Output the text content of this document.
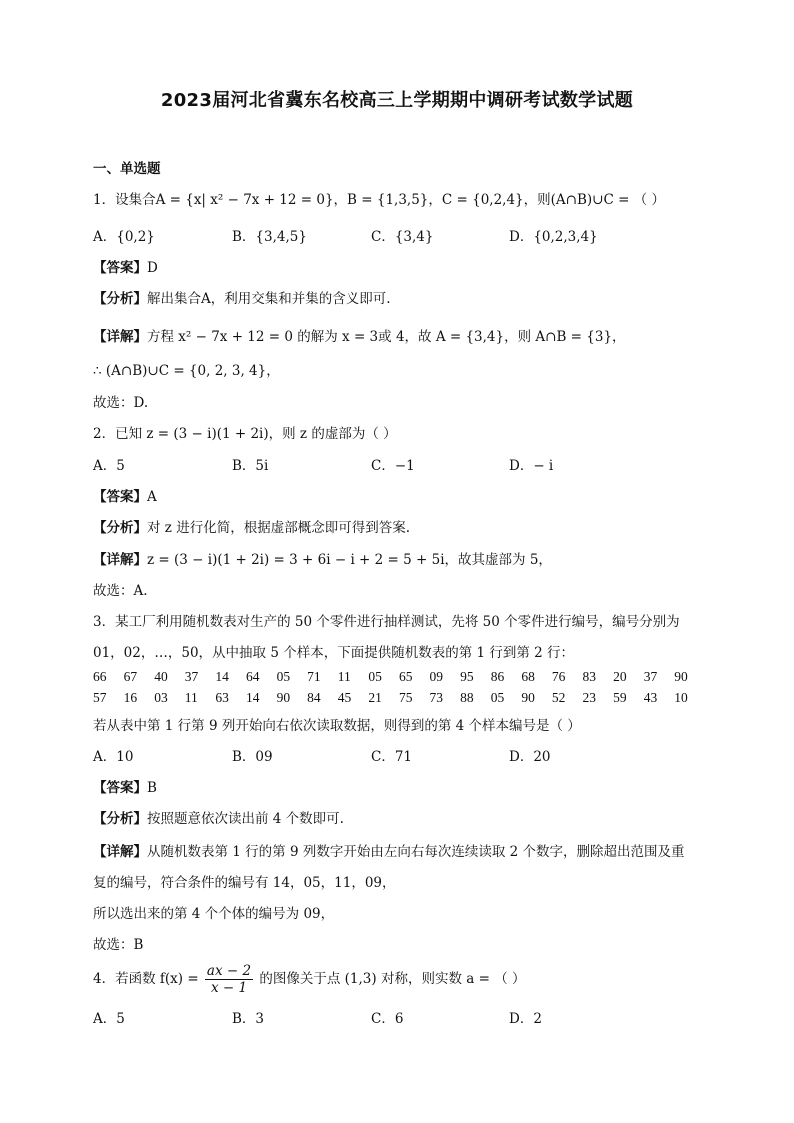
2023届河北省冀东名校高三上学期期中调研考试数学试题
一、单选题
1．设集合A = {x| x² − 7x + 12 = 0}，B = {1,3,5}，C = {0,2,4}，则(A∩B)∪C = （ ）
A．{0,2}	B．{3,4,5}	C．{3,4}	D．{0,2,3,4}
【答案】D
【分析】解出集合A，利用交集和并集的含义即可.
【详解】方程 x² − 7x + 12 = 0 的解为 x = 3或 4，故 A = {3,4}，则 A∩B = {3}，
∴ (A∩B)∪C = {0, 2, 3, 4}，
故选：D.
2．已知 z = (3 − i)(1 + 2i)，则 z 的虚部为（ ）
A．5	B．5i	C．−1	D．− i
【答案】A
【分析】对 z 进行化简，根据虚部概念即可得到答案.
【详解】z = (3 − i)(1 + 2i) = 3 + 6i − i + 2 = 5 + 5i，故其虚部为 5，
故选：A.
3．某工厂利用随机数表对生产的 50 个零件进行抽样测试，先将 50 个零件进行编号，编号分别为
01，02，…，50，从中抽取 5 个样本，下面提供随机数表的第 1 行到第 2 行：
66 67 40 37 14 64 05 71 11 05 65 09 95 86 68 76 83 20 37 90
57 16 03 11 63 14 90 84 45 21 75 73 88 05 90 52 23 59 43 10
若从表中第 1 行第 9 列开始向右依次读取数据，则得到的第 4 个样本编号是（ ）
A．10	B．09	C．71	D．20
【答案】B
【分析】按照题意依次读出前 4 个数即可.
【详解】从随机数表第 1 行的第 9 列数字开始由左向右每次连续读取 2 个数字，删除超出范围及重
复的编号，符合条件的编号有 14，05，11，09，
所以选出来的第 4 个个体的编号为 09，
故选：B
4．若函数 $f(x) = \frac{ax - 2}{x - 1}$ 的图像关于点 (1,3) 对称，则实数 a = （ ）
A．5	B．3	C．6	D．2
